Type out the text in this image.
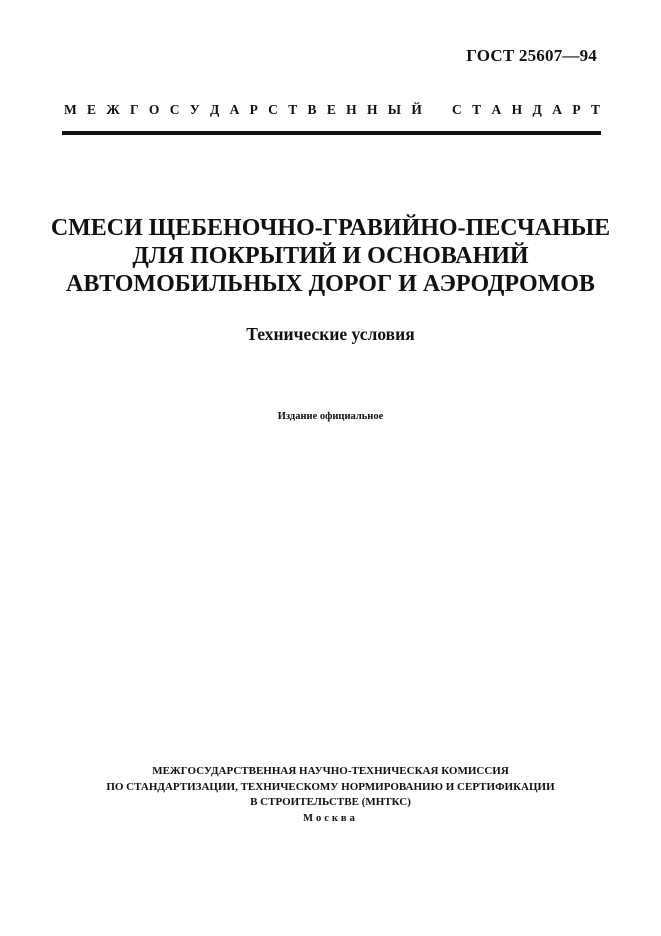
ГОСТ 25607—94
М Е Ж Г О С У Д А Р С Т В Е Н Н Ы Й С Т А Н Д А Р Т
СМЕСИ ЩЕБЕНОЧНО-ГРАВИЙНО-ПЕСЧАНЫЕ
ДЛЯ ПОКРЫТИЙ И ОСНОВАНИЙ
АВТОМОБИЛЬНЫХ ДОРОГ И АЭРОДРОМОВ
Технические условия
Издание официальное
МЕЖГОСУДАРСТВЕННАЯ НАУЧНО-ТЕХНИЧЕСКАЯ КОМИССИЯ
ПО СТАНДАРТИЗАЦИИ, ТЕХНИЧЕСКОМУ НОРМИРОВАНИЮ И СЕРТИФИКАЦИИ
В СТРОИТЕЛЬСТВЕ (МНТКС)
Москва
